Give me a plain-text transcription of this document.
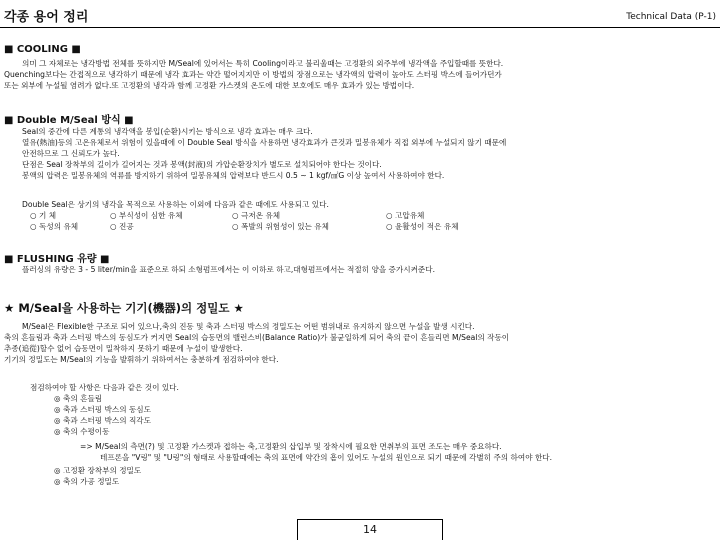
각종 용어 정리	Technical Data (P-1)
■ COOLING ■
의미 그 자체로는 냉각방법 전체를 뜻하지만 M/Seal에 있어서는 특히 Cooling이라고 불리울때는 고정환의 외주부에 냉각액을 주입할때를 뜻한다.
Quenching보다는 간접적으로 냉각하기 때문에 냉각 효과는 약간 떨어지지만 이 방법의 장점으로는 냉각액의 압력이 높아도 스터핑 박스에 들어가던가
또는 외부에 누설될 염려가 없다.또 고정환의 냉각과 함께 고정환 가스켓의 온도에 대한 보호에도 매우 효과가 있는 방법이다.
■ Double M/Seal 방식 ■
Seal의 중간에 다른 계통의 냉각액을 봉입(순환)시키는 방식으로 냉각 효과는 매우 크다.
열유(熱油)등의 고온유체로서 위험이 있을때에 이 Double Seal 방식을 사용하면 냉각효과가 큰것과 밀봉유체가 직접 외부에 누설되지 않기 때문에
안전하므로 그 신뢰도가 높다.
단점은 Seal 장착부의 길이가 길어지는 것과 봉액(封液)의 가압순환장치가 별도로 설치되어야 한다는 것이다.
봉액의 압력은 밀봉유체의 역류를 방지하기 위하여 밀봉유체의 압력보다 반드시 0.5 ~ 1 kgf/㎠G 이상 높여서 사용하여야 한다.
Double Seal은 상기의 냉각을 목적으로 사용하는 이외에 다음과 같은 때에도 사용되고 있다.
○ 기 체	○ 부식성이 심한 유체	○ 극저온 유체	○ 고압유체
○ 독성의 유체	○ 진공	○ 폭발의 위험성이 있는 유체	○ 윤활성이 적은 유체
■ FLUSHING 유량 ■
플러싱의 유량은 3 - 5 liter/min을 표준으로 하되 소형펌프에서는 이 이하로 하고,대형펌프에서는 적절히 양을 증가시켜준다.
★ M/Seal을 사용하는 기기(機器)의 정밀도 ★
M/Seal은 Flexible한 구조로 되어 있으나,축의 진동 및 축과 스터핑 박스의 정밀도는 어떤 범위내로 유지하지 않으면 누설을 발생 시킨다.
축의 흔들림과 축과 스터핑 박스의 동심도가 커지면 Seal의 습동면의 밸런스비(Balance Ratio)가 불균일하게 되어 축의 끝이 흔들리면 M/Seal의 작동이
추종(追從)할수 없어 습동면이 밀착하지 못하기 때문에 누설이 발생한다.
기기의 정밀도는 M/Seal의 기능을 발휘하기 위하여서는 충분하게 점검하여야 한다.
점검하여야 할 사항은 다음과 같은 것이 있다.
◎ 축의 흔들림
◎ 축과 스터핑 박스의 동심도
◎ 축과 스터핑 박스의 직각도
◎ 축의 수평이동
=> M/Seal의 측면(?) 및 고정환 가스켓과 접하는 축,고정환의 삽입부 및 장착시에 필요한 면취부의 표면 조도는 매우 중요하다.
테프론을 "V링" 및 "U링"의 형태로 사용할때에는 축의 표면에 약간의 흠이 있어도 누설의 원인으로 되기 때문에 각별히 주의 하여야 한다.
◎ 고정환 장착부의 정밀도
◎ 축의 가공 정밀도
14
